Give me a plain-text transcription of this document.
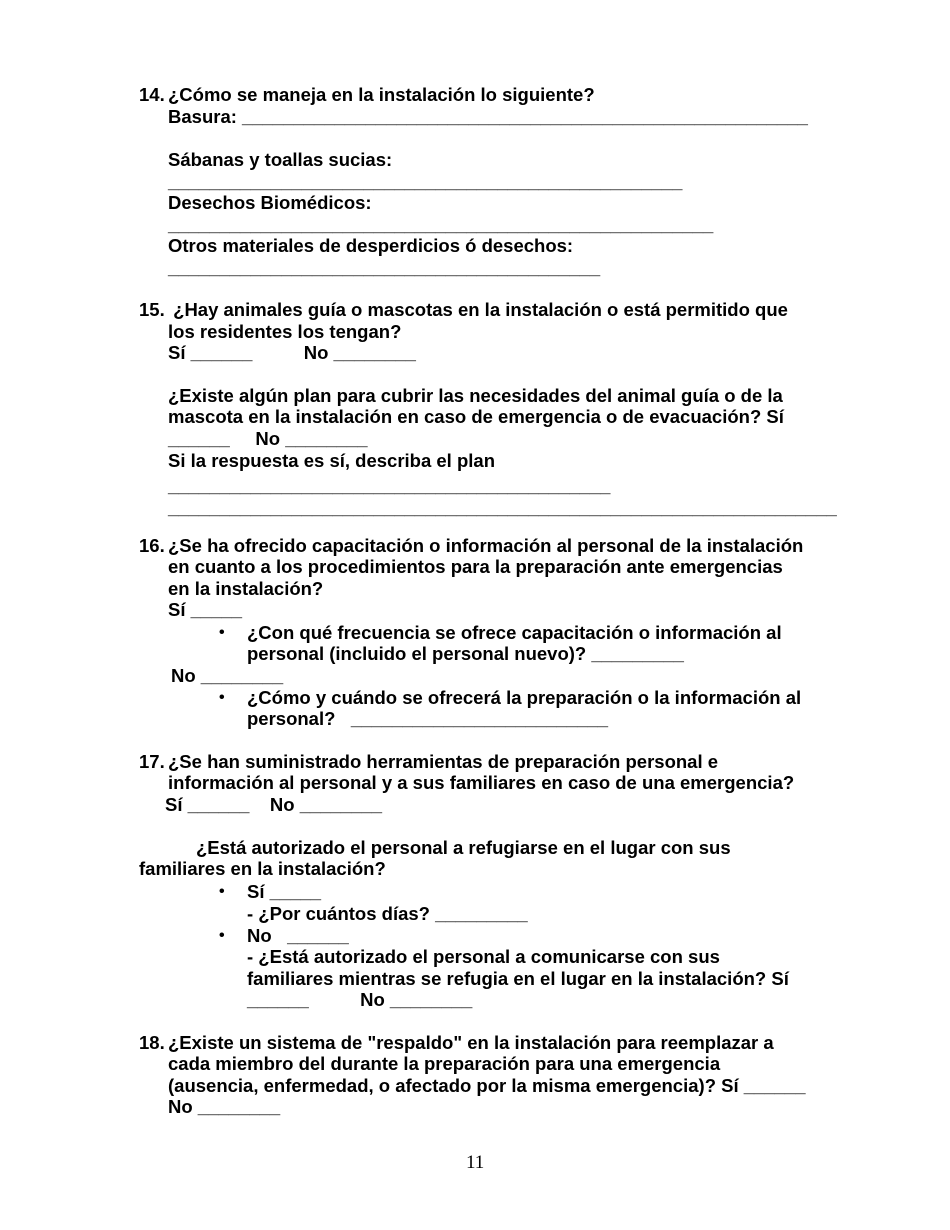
14. ¿Cómo se maneja en la instalación lo siguiente?
Basura: _______________________________________________________
Sábanas y toallas sucias:
__________________________________________________
Desechos Biomédicos:
_____________________________________________________
Otros materiales de desperdicios ó desechos:
__________________________________________
15. ¿Hay animales guía o mascotas en la instalación o está permitido que
los residentes los tengan?
Sí ______          No ________
¿Existe algún plan para cubrir las necesidades del animal guía o de la
mascota en la instalación en caso de emergencia o de evacuación? Sí
______     No ________
Si la respuesta es sí, describa el plan
___________________________________________
_________________________________________________________________
16. ¿Se ha ofrecido capacitación o información al personal de la instalación
en cuanto a los procedimientos para la preparación ante emergencias
en la instalación?
Sí _____
• ¿Con qué frecuencia se ofrece capacitación o información al
personal (incluido el personal nuevo)? _________
No ________
• ¿Cómo y cuándo se ofrecerá la preparación o la información al
personal?   _________________________
17. ¿Se han suministrado herramientas de preparación personal e
información al personal y a sus familiares en caso de una emergencia?
Sí ______    No ________
¿Está autorizado el personal a refugiarse en el lugar con sus
familiares en la instalación?
• Sí _____
- ¿Por cuántos días? _________
• No   ______
- ¿Está autorizado el personal a comunicarse con sus
familiares mientras se refugia en el lugar en la instalación? Sí
______          No ________
18. ¿Existe un sistema de "respaldo" en la instalación para reemplazar a
cada miembro del durante la preparación para una emergencia
(ausencia, enfermedad, o afectado por la misma emergencia)? Sí ______
No ________
11
